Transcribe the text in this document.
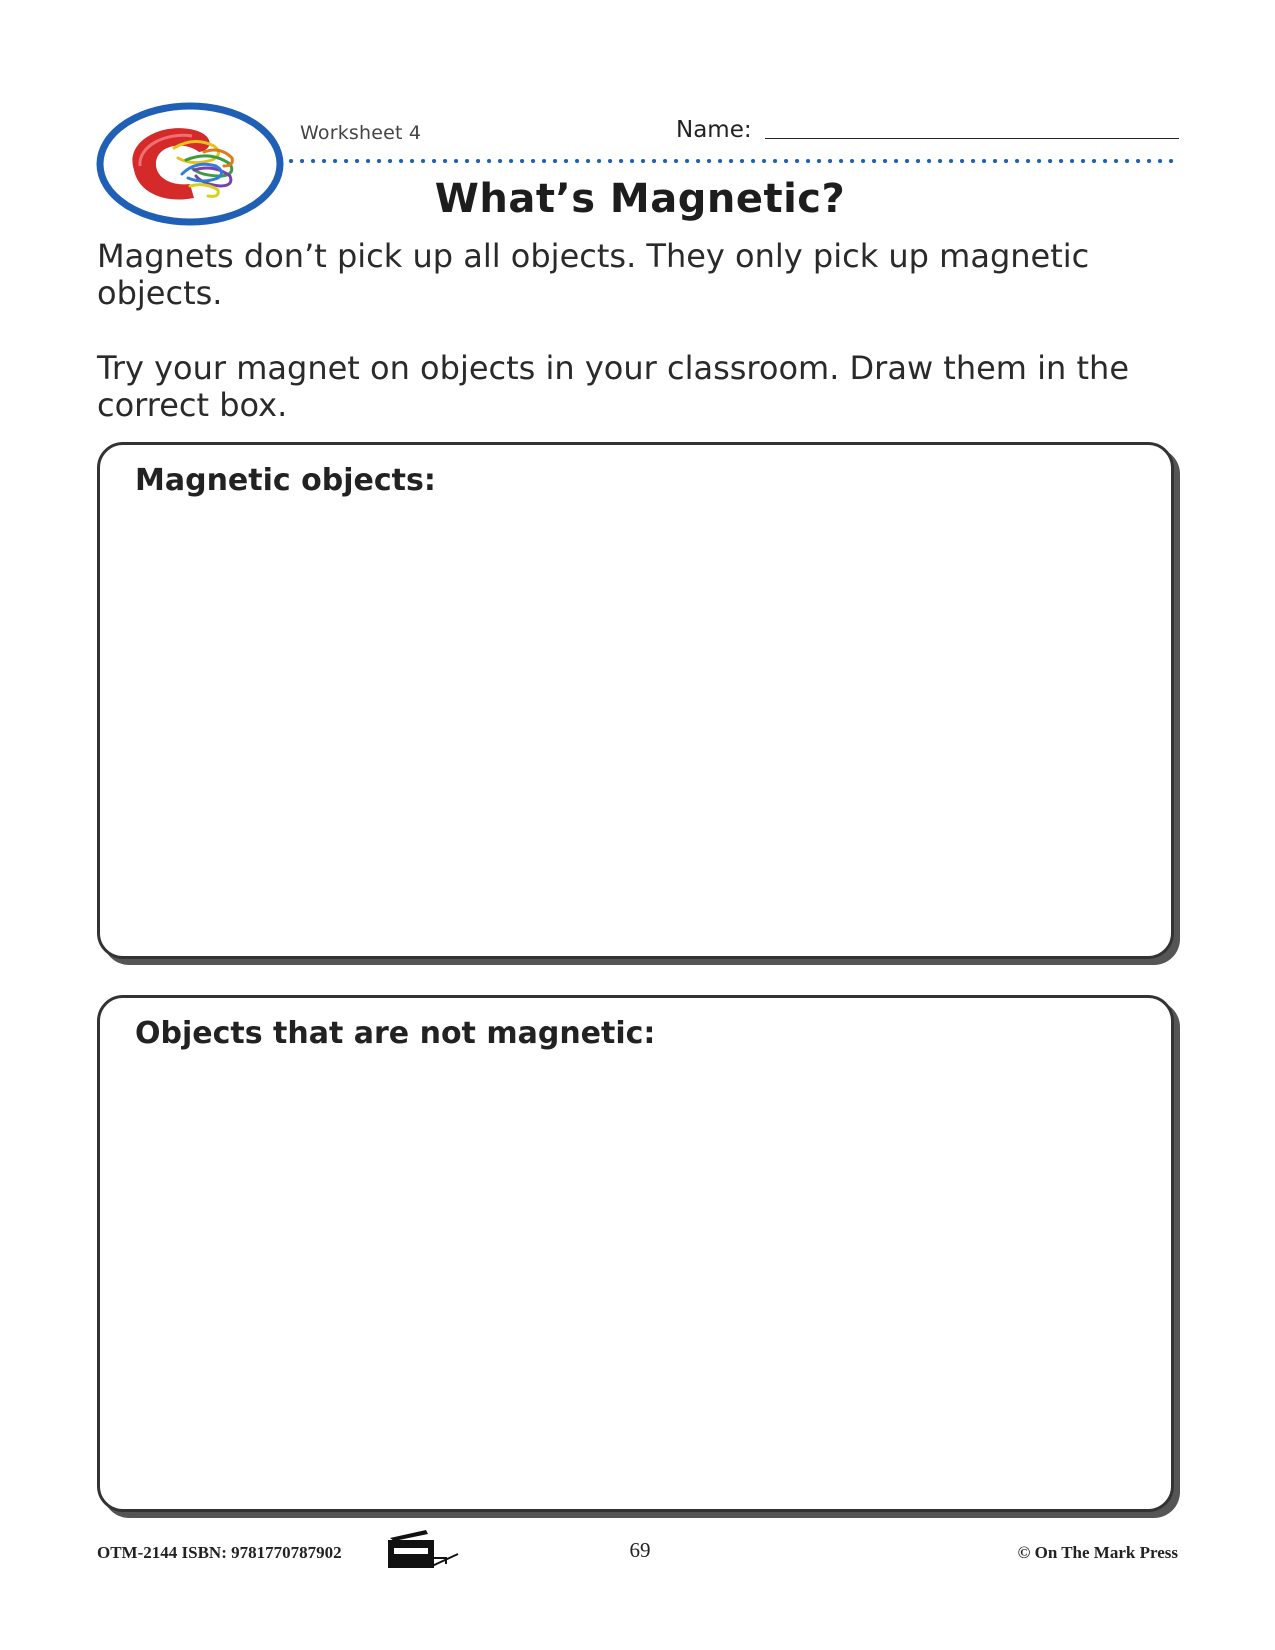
Worksheet 4	Name:
What’s Magnetic?

Magnets don’t pick up all objects. They only pick up magnetic objects.

Try your magnet on objects in your classroom. Draw them in the correct box.

Magnetic objects:
Objects that are not magnetic:
OTM-2144 ISBN: 9781770787902	69	© On The Mark Press
